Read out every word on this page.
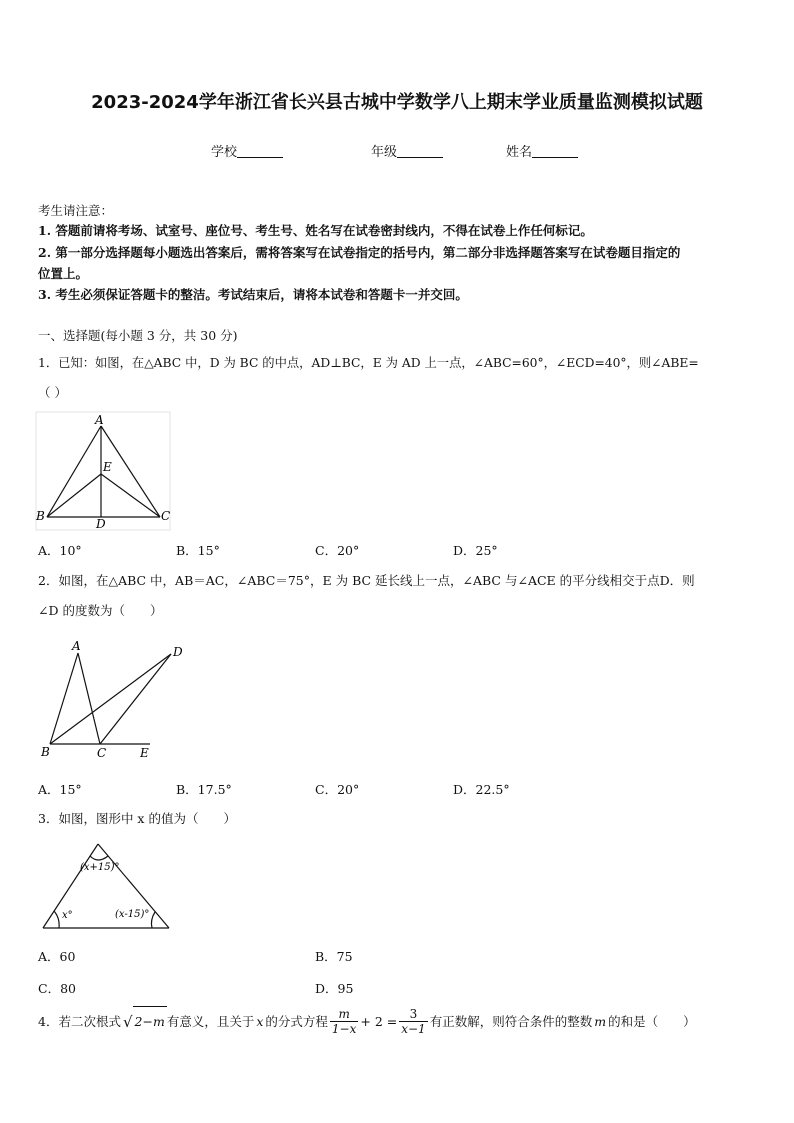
2023-2024学年浙江省长兴县古城中学数学八上期末学业质量监测模拟试题
学校	年级	姓名
考生请注意：
1. 答题前请将考场、试室号、座位号、考生号、姓名写在试卷密封线内，不得在试卷上作任何标记。
2. 第一部分选择题每小题选出答案后，需将答案写在试卷指定的括号内，第二部分非选择题答案写在试卷题目指定的
位置上。
3. 考生必须保证答题卡的整洁。考试结束后，请将本试卷和答题卡一并交回。
一、选择题(每小题 3 分，共 30 分)
1．已知：如图，在△ABC 中，D 为 BC 的中点，AD⊥BC，E 为 AD 上一点，∠ABC=60°，∠ECD=40°，则∠ABE=
（ ）
A
E
B	C
D
A．10°	B．15°	C．20°	D．25°
2．如图，在△ABC 中，AB＝AC，∠ABC＝75°，E 为 BC 延长线上一点，∠ABC 与∠ACE 的平分线相交于点D．则
∠D 的度数为（　　）
A	D
B	C	E
A．15°	B．17.5°	C．20°	D．22.5°
3．如图，图形中 x 的值为（　　）
(x+15)°
x°	(x-15)°
A．60	B．75
C．80	D．95
4．若二次根式 √ 2−m 有意义，且关于 x 的分式方程 $\frac{m}{1-x} + 2 = \frac{3}{x-1}$ 有正数解，则符合条件的整数 m 的和是（　　）
